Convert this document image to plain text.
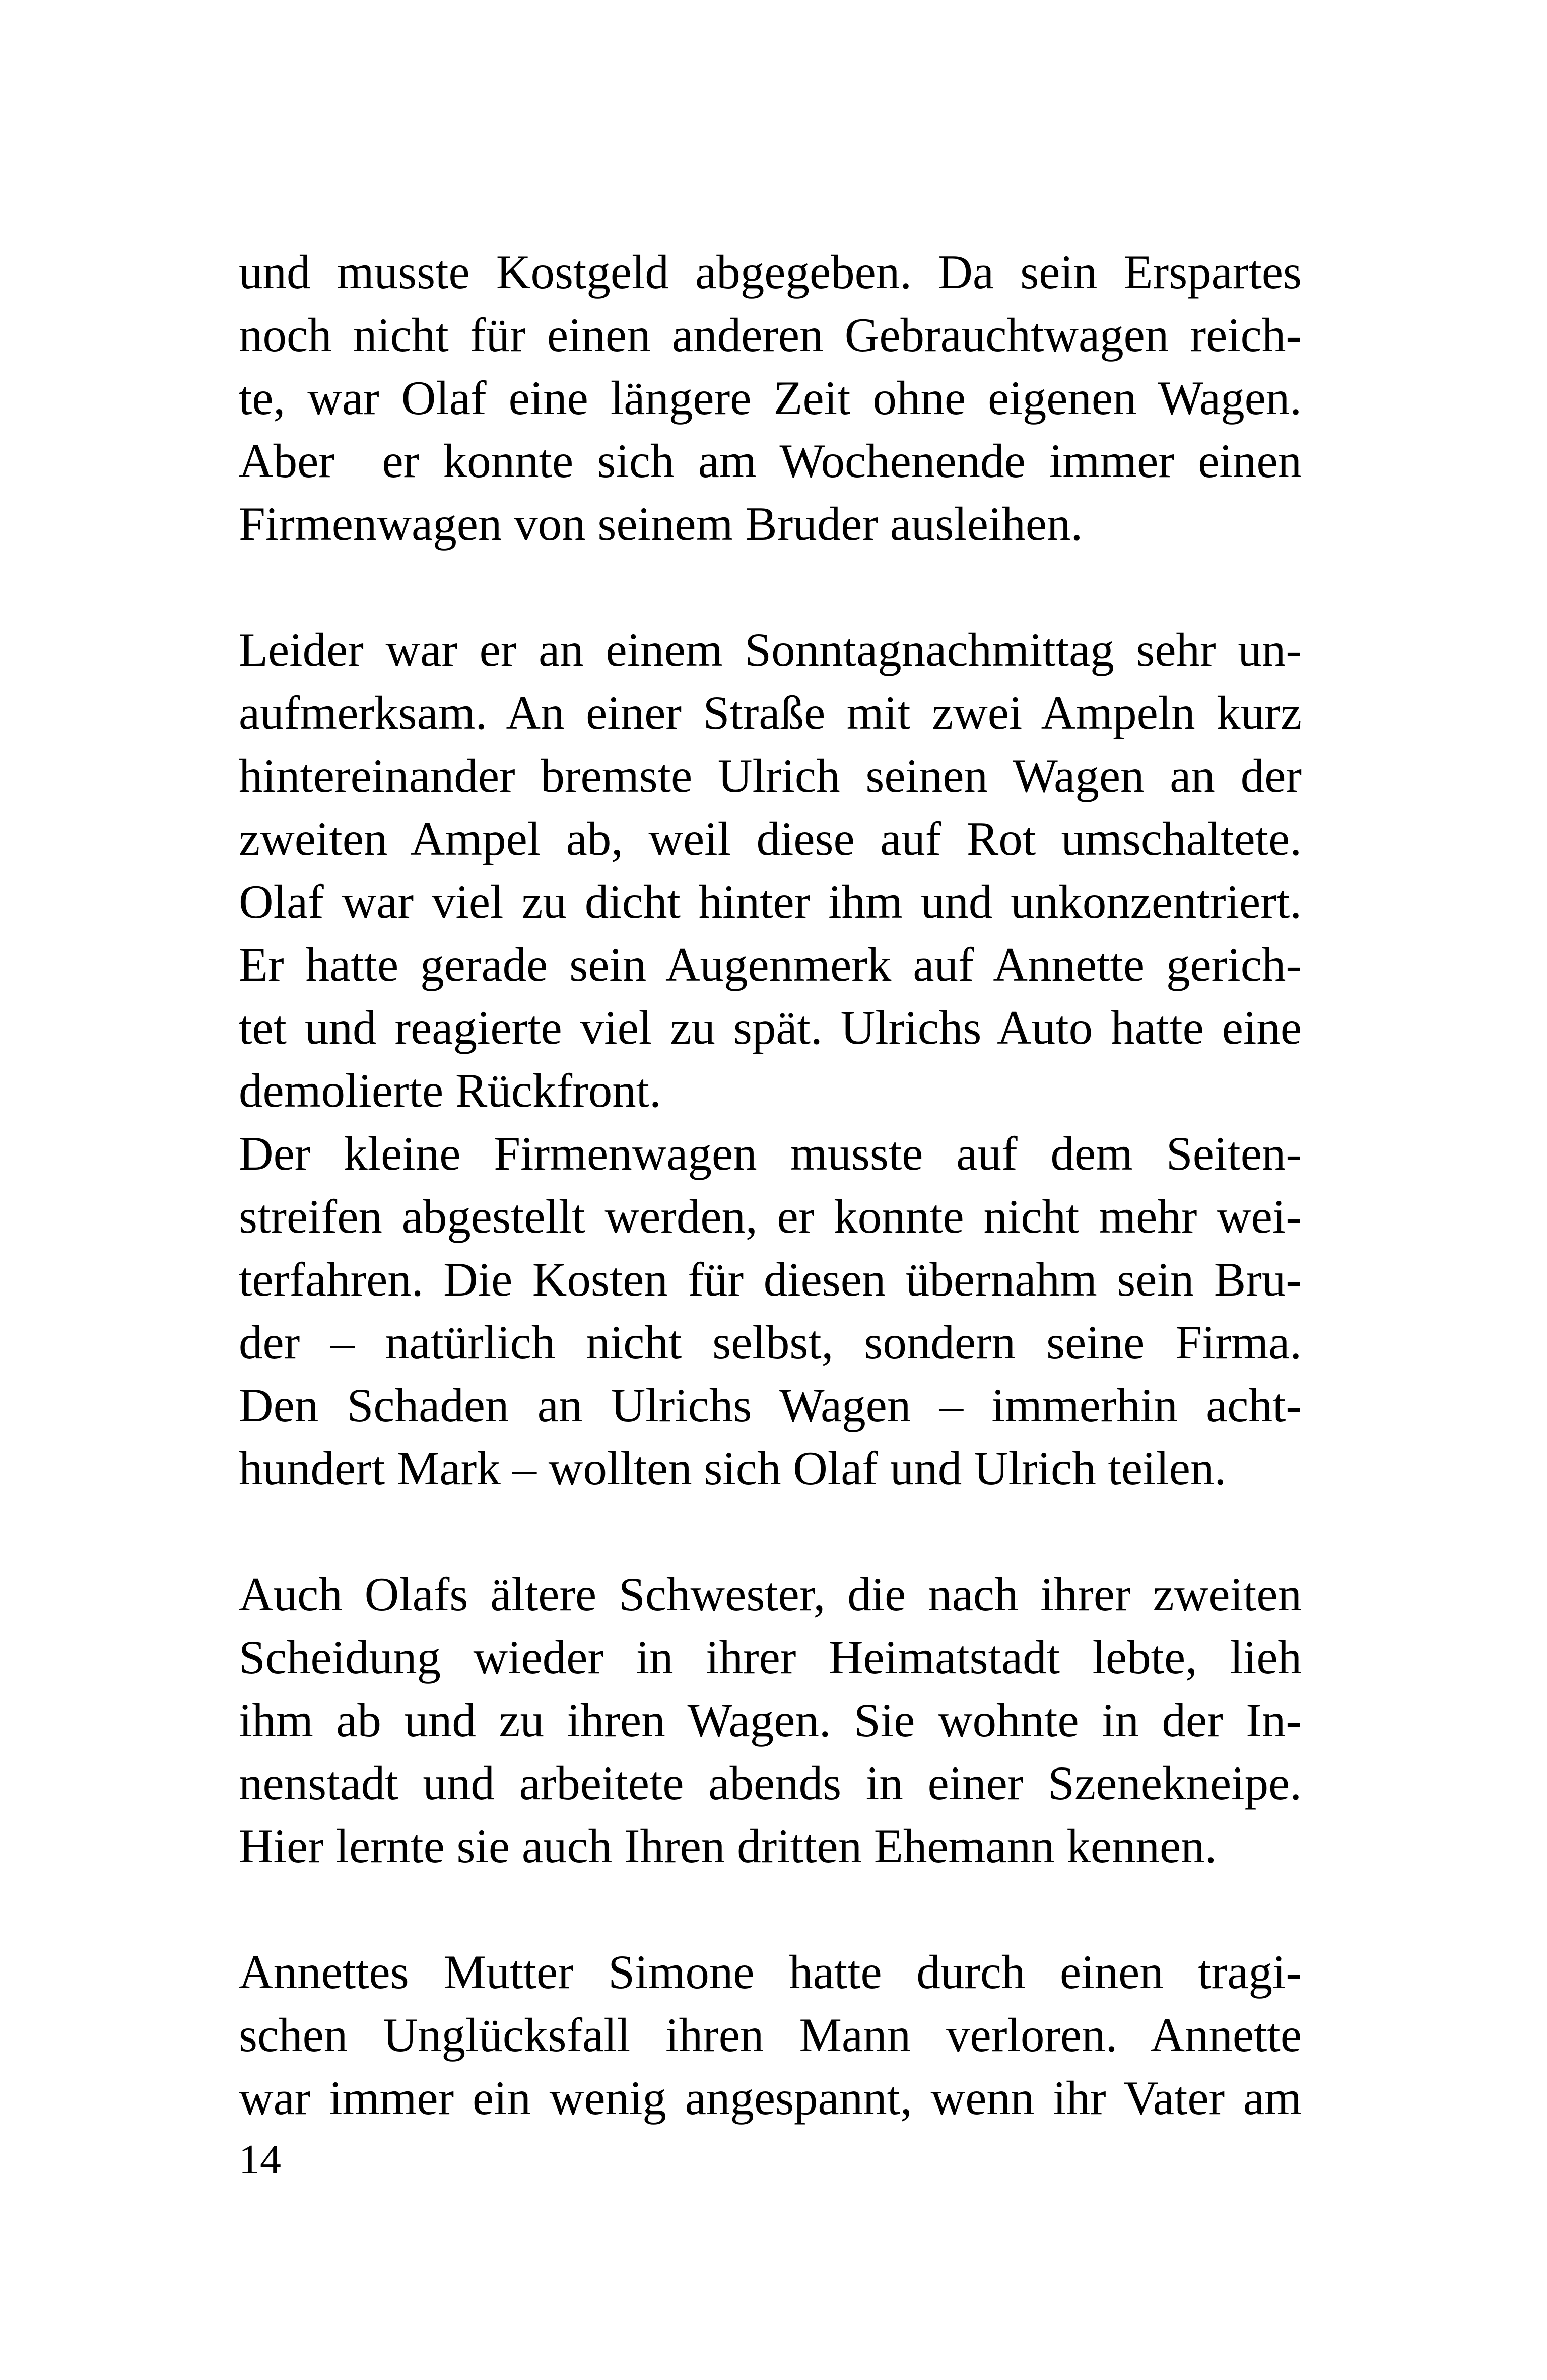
und musste Kostgeld abgegeben. Da sein Erspartes
noch nicht für einen anderen Gebrauchtwagen reich-
te, war Olaf eine längere Zeit ohne eigenen Wagen.
Aber  er konnte sich am Wochenende immer einen
Firmenwagen von seinem Bruder ausleihen.
Leider war er an einem Sonntagnachmittag sehr un-
aufmerksam. An einer Straße mit zwei Ampeln kurz
hintereinander bremste Ulrich seinen Wagen an der
zweiten Ampel ab, weil diese auf Rot umschaltete.
Olaf war viel zu dicht hinter ihm und unkonzentriert.
Er hatte gerade sein Augenmerk auf Annette gerich-
tet und reagierte viel zu spät. Ulrichs Auto hatte eine
demolierte Rückfront.
Der kleine Firmenwagen musste auf dem Seiten-
streifen abgestellt werden, er konnte nicht mehr wei-
terfahren. Die Kosten für diesen übernahm sein Bru-
der – natürlich nicht selbst, sondern seine Firma.
Den Schaden an Ulrichs Wagen – immerhin acht-
hundert Mark – wollten sich Olaf und Ulrich teilen.
Auch Olafs ältere Schwester, die nach ihrer zweiten
Scheidung wieder in ihrer Heimatstadt lebte, lieh
ihm ab und zu ihren Wagen. Sie wohnte in der In-
nenstadt und arbeitete abends in einer Szenekneipe.
Hier lernte sie auch Ihren dritten Ehemann kennen.
Annettes Mutter Simone hatte durch einen tragi-
schen Unglücksfall ihren Mann verloren. Annette
war immer ein wenig angespannt, wenn ihr Vater am
14
